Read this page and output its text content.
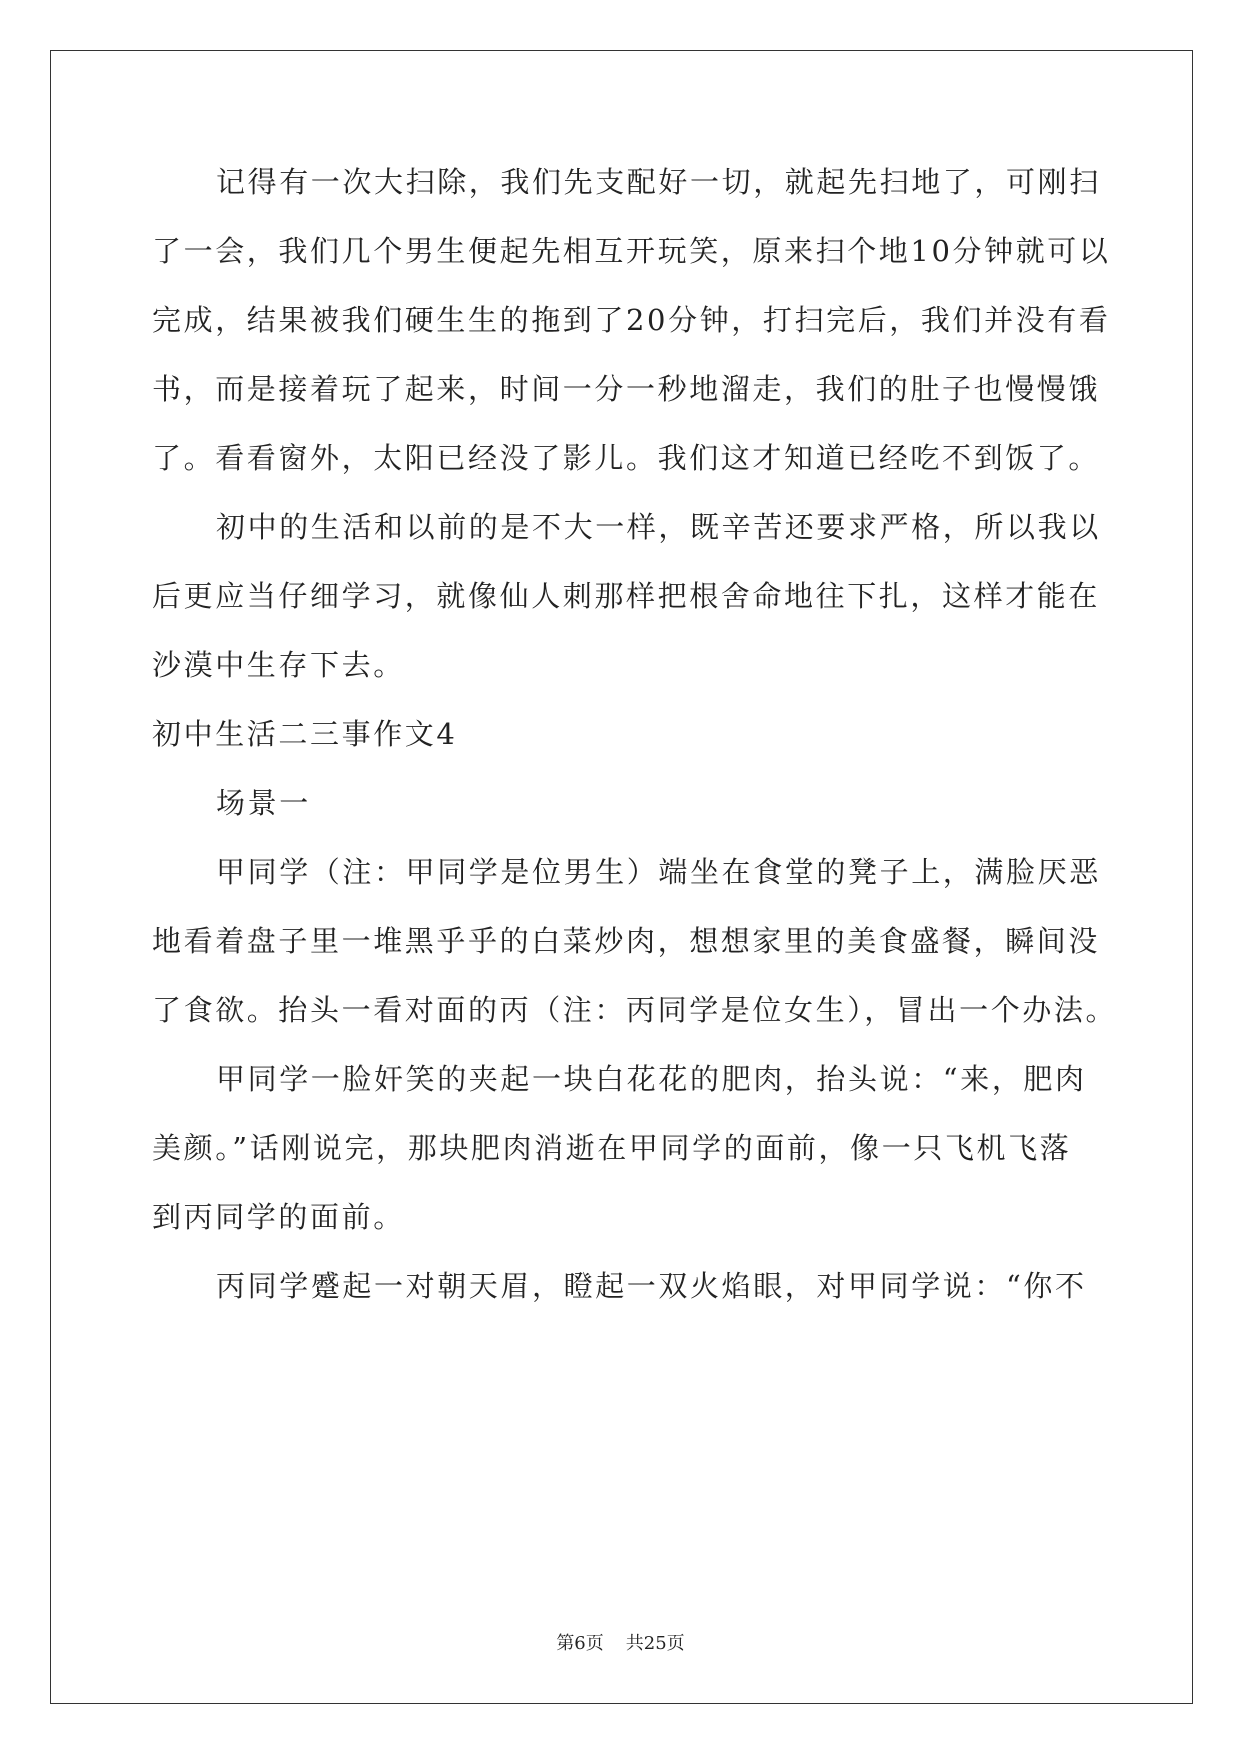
记得有一次大扫除，我们先支配好一切，就起先扫地了，可刚扫
了一会，我们几个男生便起先相互开玩笑，原来扫个地10分钟就可以
完成，结果被我们硬生生的拖到了20分钟，打扫完后，我们并没有看
书，而是接着玩了起来，时间一分一秒地溜走，我们的肚子也慢慢饿
了。看看窗外，太阳已经没了影儿。我们这才知道已经吃不到饭了。
初中的生活和以前的是不大一样，既辛苦还要求严格，所以我以
后更应当仔细学习，就像仙人刺那样把根舍命地往下扎，这样才能在
沙漠中生存下去。
初中生活二三事作文4
场景一
甲同学（注：甲同学是位男生）端坐在食堂的凳子上，满脸厌恶
地看着盘子里一堆黑乎乎的白菜炒肉，想想家里的美食盛餐，瞬间没
了食欲。抬头一看对面的丙（注：丙同学是位女生），冒出一个办法。
甲同学一脸奸笑的夹起一块白花花的肥肉，抬头说：“来，肥肉
美颜。”话刚说完，那块肥肉消逝在甲同学的面前，像一只飞机飞落
到丙同学的面前。
丙同学蹙起一对朝天眉，瞪起一双火焰眼，对甲同学说：“你不
第6页 共25页
